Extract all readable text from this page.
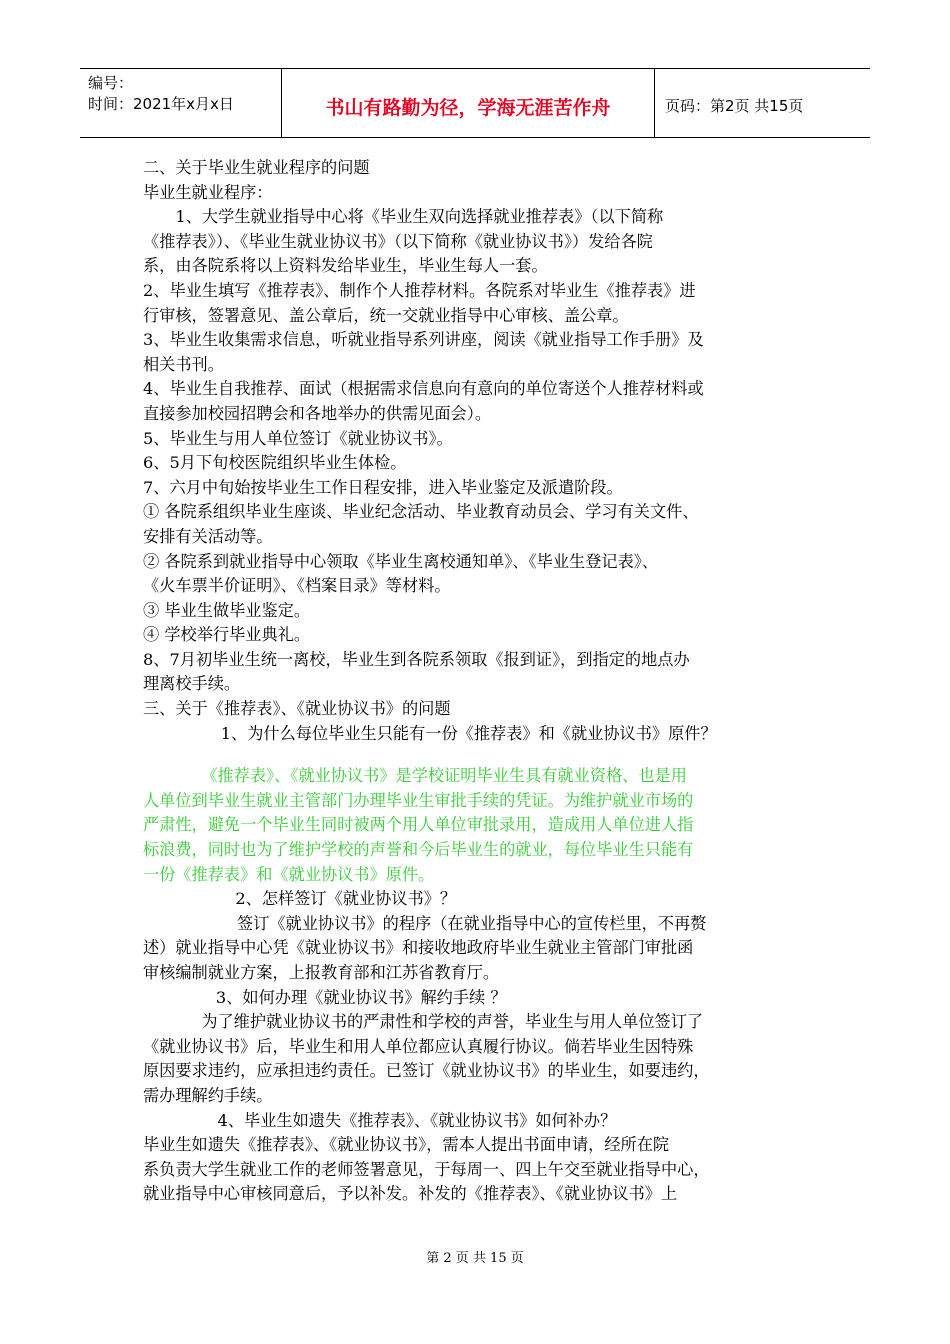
编号：
时间：2021年x月x日	书山有路勤为径，学海无涯苦作舟	页码：第2页 共15页

二、关于毕业生就业程序的问题

毕业生就业程序：

1、大学生就业指导中心将《毕业生双向选择就业推荐表》（以下简称

《推荐表》）、《毕业生就业协议书》（以下简称《就业协议书》）发给各院

系，由各院系将以上资料发给毕业生，毕业生每人一套。

2、毕业生填写《推荐表》、制作个人推荐材料。各院系对毕业生《推荐表》进

行审核，签署意见、盖公章后，统一交就业指导中心审核、盖公章。

3、毕业生收集需求信息，听就业指导系列讲座，阅读《就业指导工作手册》及

相关书刊。

4、毕业生自我推荐、面试（根据需求信息向有意向的单位寄送个人推荐材料或

直接参加校园招聘会和各地举办的供需见面会）。

5、毕业生与用人单位签订《就业协议书》。

6、5月下旬校医院组织毕业生体检。

7、六月中旬始按毕业生工作日程安排，进入毕业鉴定及派遣阶段。

① 各院系组织毕业生座谈、毕业纪念活动、毕业教育动员会、学习有关文件、

安排有关活动等。

② 各院系到就业指导中心领取《毕业生离校通知单》、《毕业生登记表》、

《火车票半价证明》、《档案目录》等材料。

③ 毕业生做毕业鉴定。

④ 学校举行毕业典礼。

8、7月初毕业生统一离校，毕业生到各院系领取《报到证》，到指定的地点办

理离校手续。

三、关于《推荐表》、《就业协议书》的问题

1、为什么每位毕业生只能有一份《推荐表》和《就业协议书》原件？

《推荐表》、《就业协议书》是学校证明毕业生具有就业资格、也是用

人单位到毕业生就业主管部门办理毕业生审批手续的凭证。为维护就业市场的

严肃性，避免一个毕业生同时被两个用人单位审批录用，造成用人单位进人指

标浪费，同时也为了维护学校的声誉和今后毕业生的就业，每位毕业生只能有

一份《推荐表》和《就业协议书》原件。

2、怎样签订《就业协议书》？

签订《就业协议书》的程序（在就业指导中心的宣传栏里，不再赘

述）就业指导中心凭《就业协议书》和接收地政府毕业生就业主管部门审批函

审核编制就业方案，上报教育部和江苏省教育厅。

3、如何办理《就业协议书》解约手续 ？

为了维护就业协议书的严肃性和学校的声誉，毕业生与用人单位签订了

《就业协议书》后，毕业生和用人单位都应认真履行协议。倘若毕业生因特殊

原因要求违约，应承担违约责任。已签订《就业协议书》的毕业生，如要违约，

需办理解约手续。

4、毕业生如遗失《推荐表》、《就业协议书》如何补办？

毕业生如遗失《推荐表》、《就业协议书》，需本人提出书面申请，经所在院

系负责大学生就业工作的老师签署意见，于每周一、四上午交至就业指导中心，

就业指导中心审核同意后，予以补发。补发的《推荐表》、《就业协议书》上

第 2 页 共 15 页
